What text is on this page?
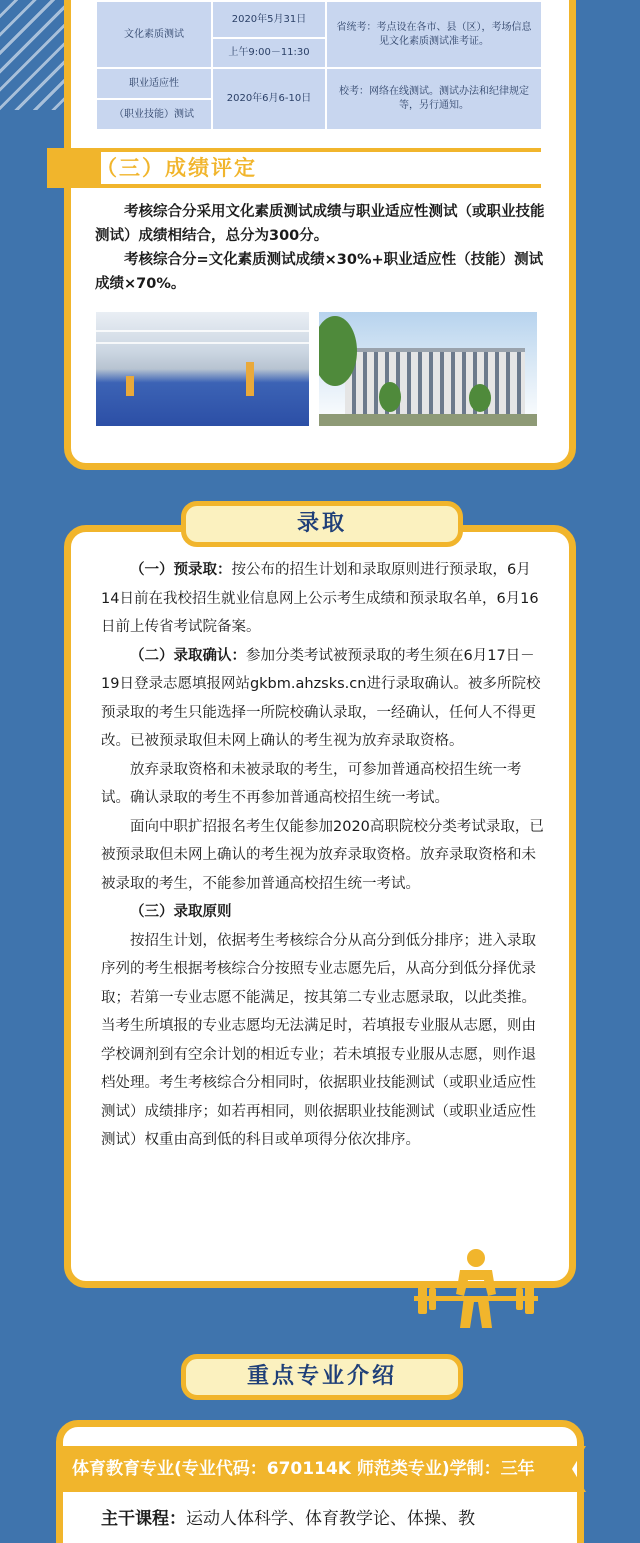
文化素质测试	2020年5月31日	省统考：考点设在各市、县（区），考场信息见文化素质测试准考证。
	上午9:00－11:30	
职业适应性	2020年6月6-10日	校考：网络在线测试。测试办法和纪律规定等，另行通知。
（职业技能）测试		
（三）成绩评定

考核综合分采用文化素质测试成绩与职业适应性测试（或职业技能测试）成绩相结合，总分为300分。

考核综合分=文化素质测试成绩×30%+职业适应性（技能）测试成绩×70%。

录取

（一）预录取：按公布的招生计划和录取原则进行预录取，6月14日前在我校招生就业信息网上公示考生成绩和预录取名单，6月16日前上传省考试院备案。

（二）录取确认：参加分类考试被预录取的考生须在6月17日－19日登录志愿填报网站gkbm.ahzsks.cn进行录取确认。被多所院校预录取的考生只能选择一所院校确认录取，一经确认，任何人不得更改。已被预录取但未网上确认的考生视为放弃录取资格。

放弃录取资格和未被录取的考生，可参加普通高校招生统一考试。确认录取的考生不再参加普通高校招生统一考试。

面向中职扩招报名考生仅能参加2020高职院校分类考试录取，已被预录取但未网上确认的考生视为放弃录取资格。放弃录取资格和未被录取的考生，不能参加普通高校招生统一考试。

（三）录取原则

按招生计划，依据考生考核综合分从高分到低分排序；进入录取序列的考生根据考核综合分按照专业志愿先后，从高分到低分择优录取；若第一专业志愿不能满足，按其第二专业志愿录取，以此类推。当考生所填报的专业志愿均无法满足时，若填报专业服从志愿，则由学校调剂到有空余计划的相近专业；若未填报专业服从志愿，则作退档处理。考生考核综合分相同时，依据职业技能测试（或职业适应性测试）成绩排序；如若再相同，则依据职业技能测试（或职业适应性测试）权重由高到低的科目或单项得分依次排序。

重点专业介绍
体育教育专业(专业代码：670114K 师范类专业)学制：三年
主干课程：运动人体科学、体育教学论、体操、教
